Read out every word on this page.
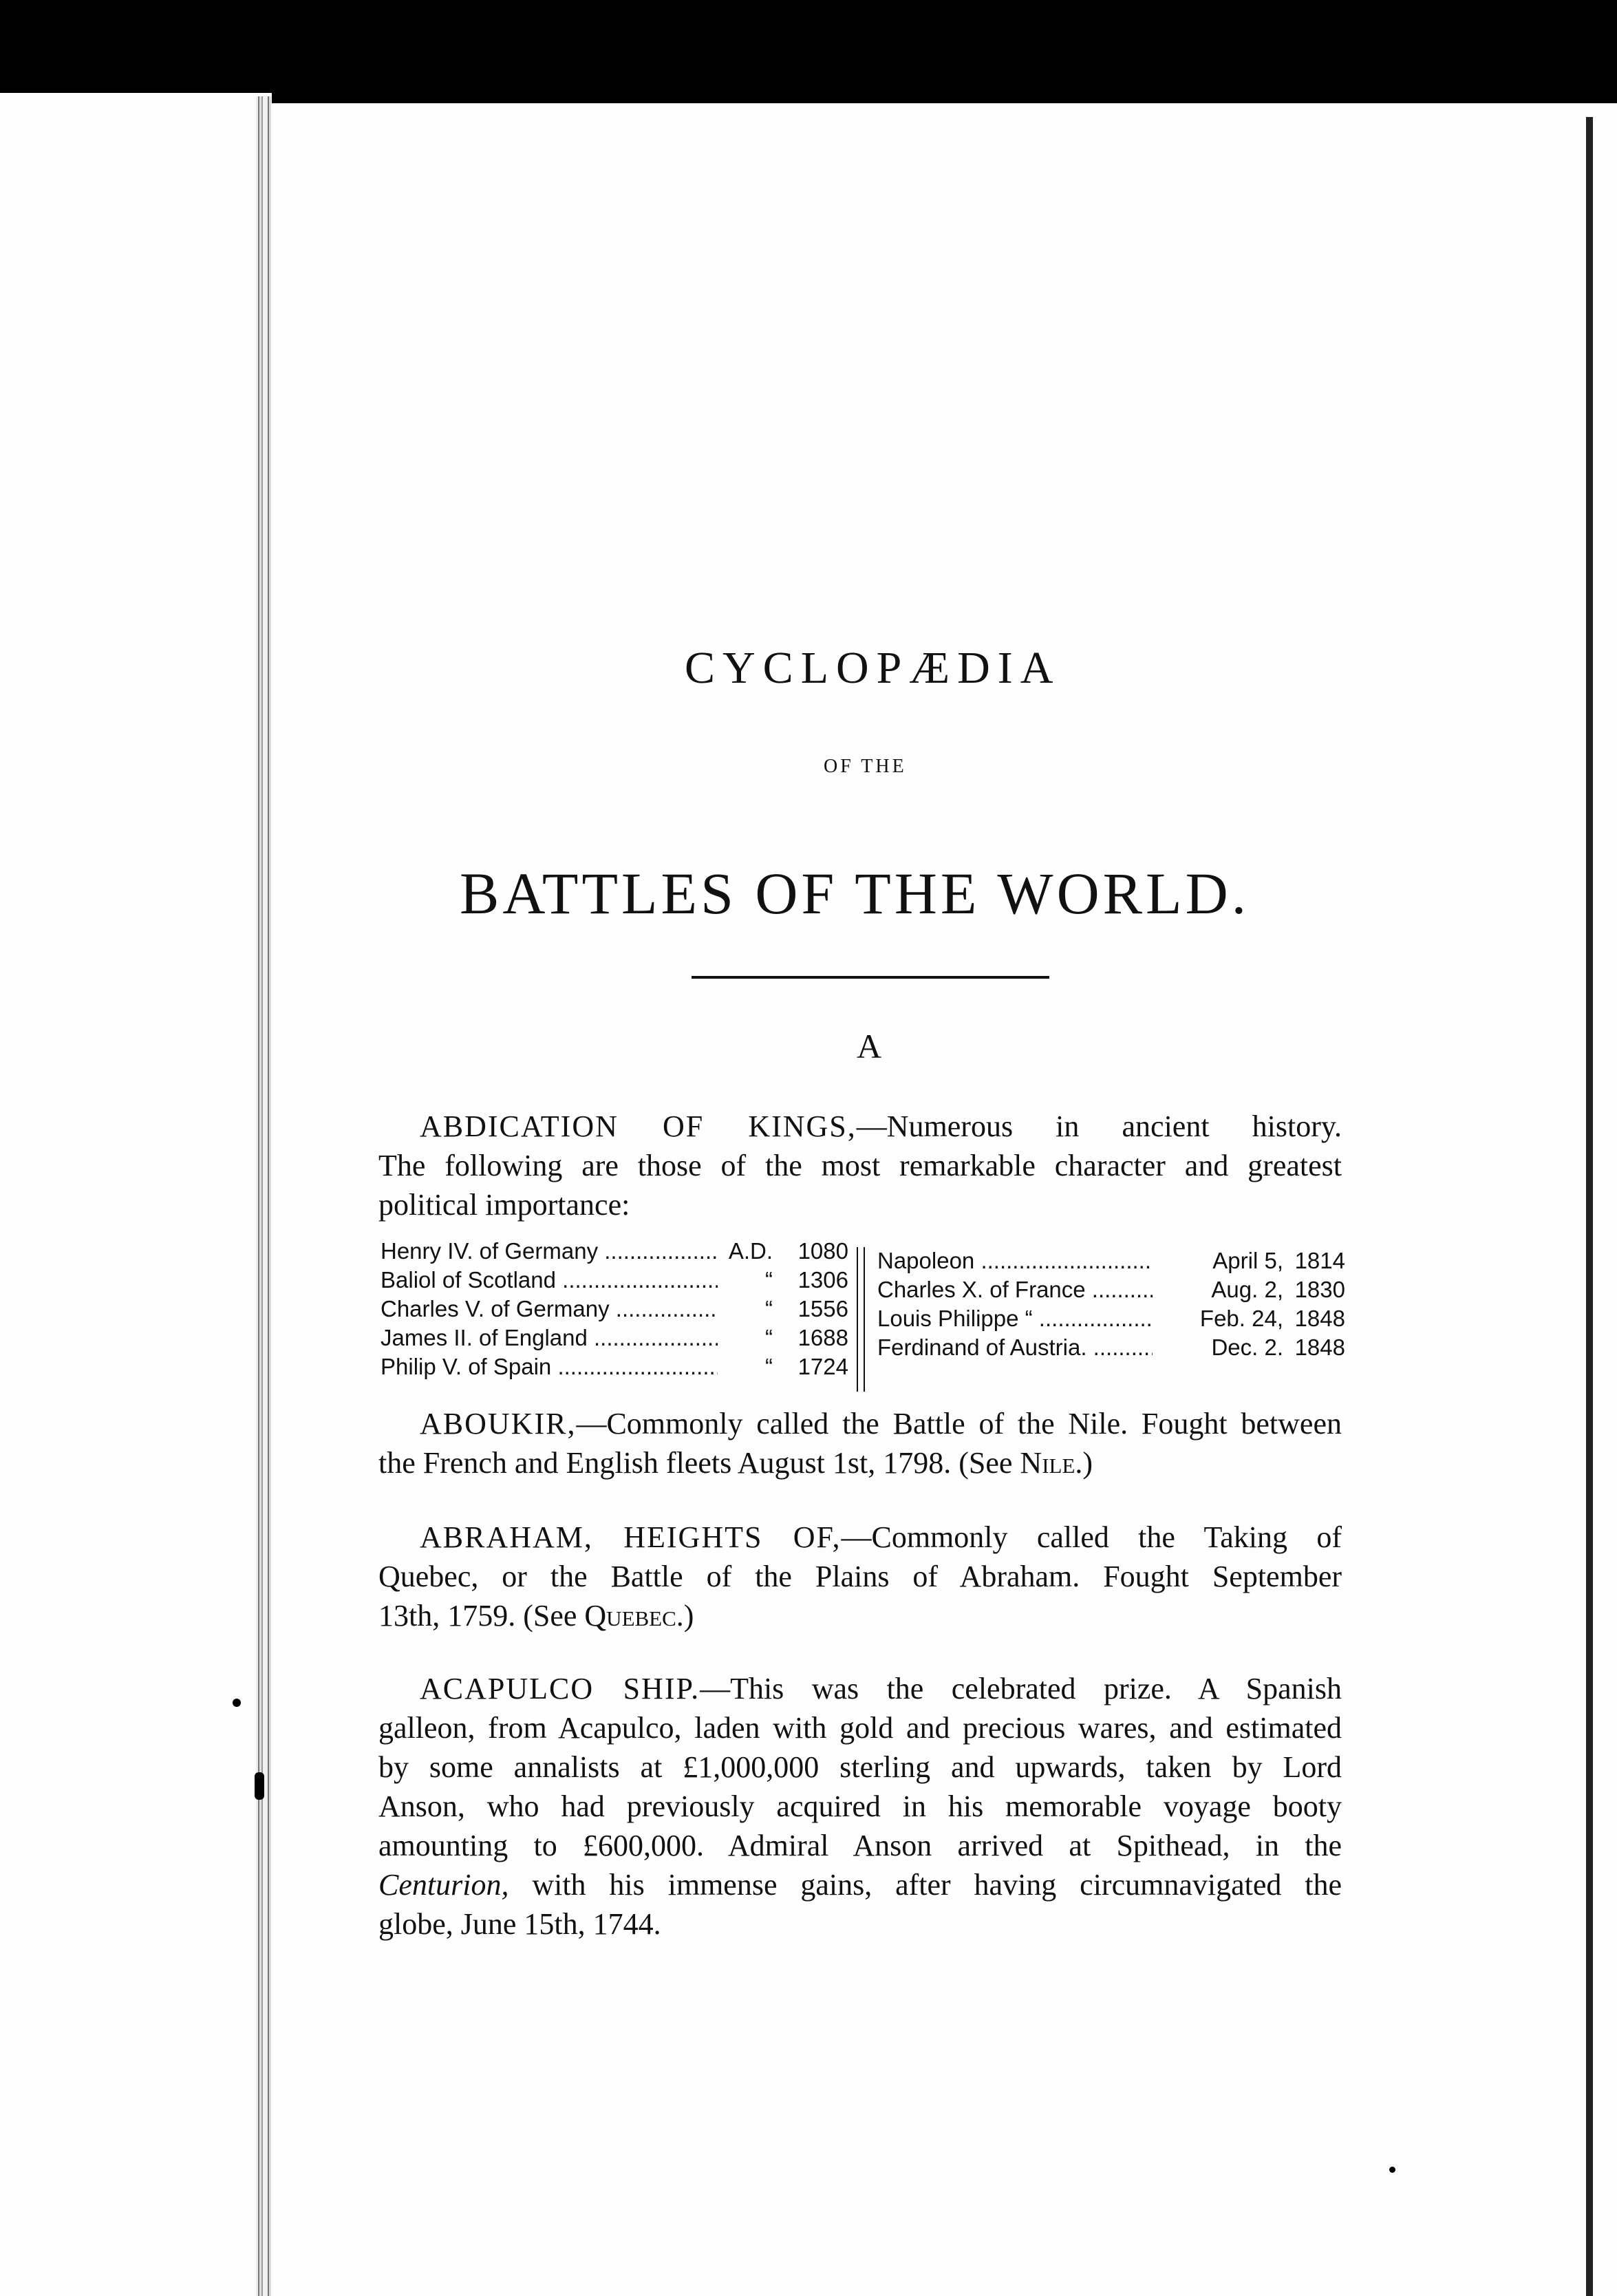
CYCLOPÆDIA
OF THE
BATTLES OF THE WORLD.
A
ABDICATION OF KINGS,—Numerous in ancient history.
The following are those of the most remarkable character and greatest
political importance:
Henry IV. of Germany .....	A.D.	1080
Baliol of Scotland .....	“	1306
Charles V. of Germany .....	“	1556
James II. of England .....	“	1688
Philip V. of Spain .....	“	1724
Napoleon .....	April 5, 1814
Charles X. of France .....	Aug. 2, 1830
Louis Philippe “ .....	Feb. 24, 1848
Ferdinand of Austria. .....	Dec. 2. 1848
ABOUKIR,—Commonly called the Battle of the Nile. Fought between
the French and English fleets August 1st, 1798. (See Nile.)
ABRAHAM, HEIGHTS OF,—Commonly called the Taking of
Quebec, or the Battle of the Plains of Abraham. Fought September
13th, 1759. (See Quebec.)
ACAPULCO SHIP.—This was the celebrated prize. A Spanish
galleon, from Acapulco, laden with gold and precious wares, and estimated
by some annalists at £1,000,000 sterling and upwards, taken by Lord
Anson, who had previously acquired in his memorable voyage booty
amounting to £600,000. Admiral Anson arrived at Spithead, in the
Centurion, with his immense gains, after having circumnavigated the
globe, June 15th, 1744.
